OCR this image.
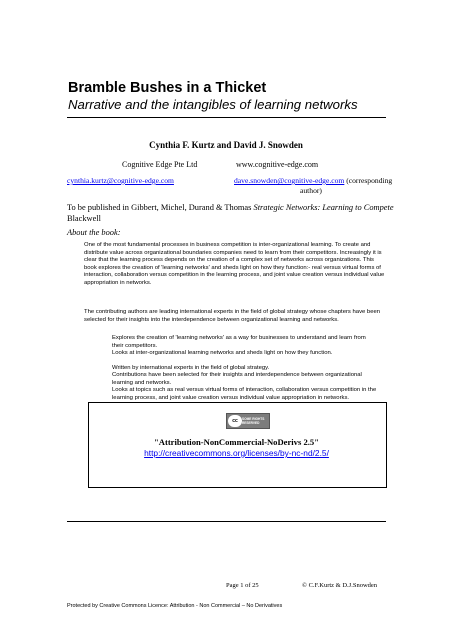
Bramble Bushes in a Thicket
Narrative and the intangibles of learning networks
Cynthia F. Kurtz and David J. Snowden
Cognitive Edge Pte Ltd	www.cognitive-edge.com
cynthia.kurtz@cognitive-edge.com	dave.snowden@cognitive-edge.com (corresponding
author)
To be published in Gibbert, Michel, Durand & Thomas Strategic Networks: Learning to Compete Blackwell
About the book:
One of the most fundamental processes in business competition is inter-organizational learning. To create and distribute value across organizational boundaries companies need to learn from their competitors. Increasingly it is clear that the learning process depends on the creation of a complex set of networks across organizations. This book explores the creation of 'learning networks' and sheds light on how they function:- real versus virtual forms of interaction, collaboration versus competition in the learning process, and joint value creation versus individual value appropriation in networks.
The contributing authors are leading international experts in the field of global strategy whose chapters have been selected for their insights into the interdependence between organizational learning and networks.
Explores the creation of 'learning networks' as a way for businesses to understand and learn from their competitors.
Looks at inter-organizational learning networks and sheds light on how they function.
Written by international experts in the field of global strategy.
Contributions have been selected for their insights and interdependence between organizational learning and networks.
Looks at topics such as real versus virtual forms of interaction, collaboration versus competition in the learning process, and joint value creation versus individual value appropriation in networks.
cc	SOME RIGHTS
RESERVED
"Attribution-NonCommercial-NoDerivs 2.5"
http://creativecommons.org/licenses/by-nc-nd/2.5/
Page 1 of 25	© C.F.Kurtz & D.J.Snowden
Protected by Creative Commons Licence: Attribution - Non Commercial – No Derivatives
